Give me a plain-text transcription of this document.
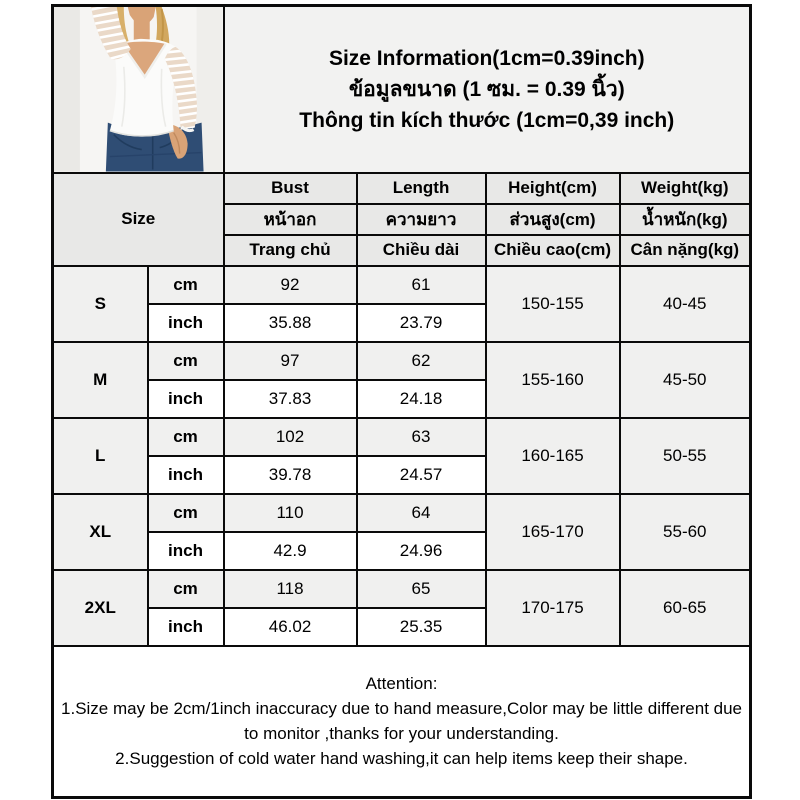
Size Information(1cm=0.39inch)
ข้อมูลขนาด (1 ซม. = 0.39 นิ้ว)
Thông tin kích thước (1cm=0,39 inch)			

Size		Bust	Length	Height(cm)	Weight(kg)
		หน้าอก	ความยาว	ส่วนสูง(cm)	น้ำหนัก(kg)
		Trang chủ	Chiều dài	Chiều cao(cm)	Cân nặng(kg)
S	cm	92	61	150-155	40-45
	inch	35.88	23.79		
M	cm	97	62	155-160	45-50
	inch	37.83	24.18		
L	cm	102	63	160-165	50-55
	inch	39.78	24.57		
XL	cm	110	64	165-170	55-60
	inch	42.9	24.96		
2XL	cm	118	65	170-175	60-65
	inch	46.02	25.35		

Attention:
1.Size may be 2cm/1inch inaccuracy due to hand measure,Color may be little different due to monitor ,thanks for your understanding.
2.Suggestion of cold water hand washing,it can help items keep their shape.					
